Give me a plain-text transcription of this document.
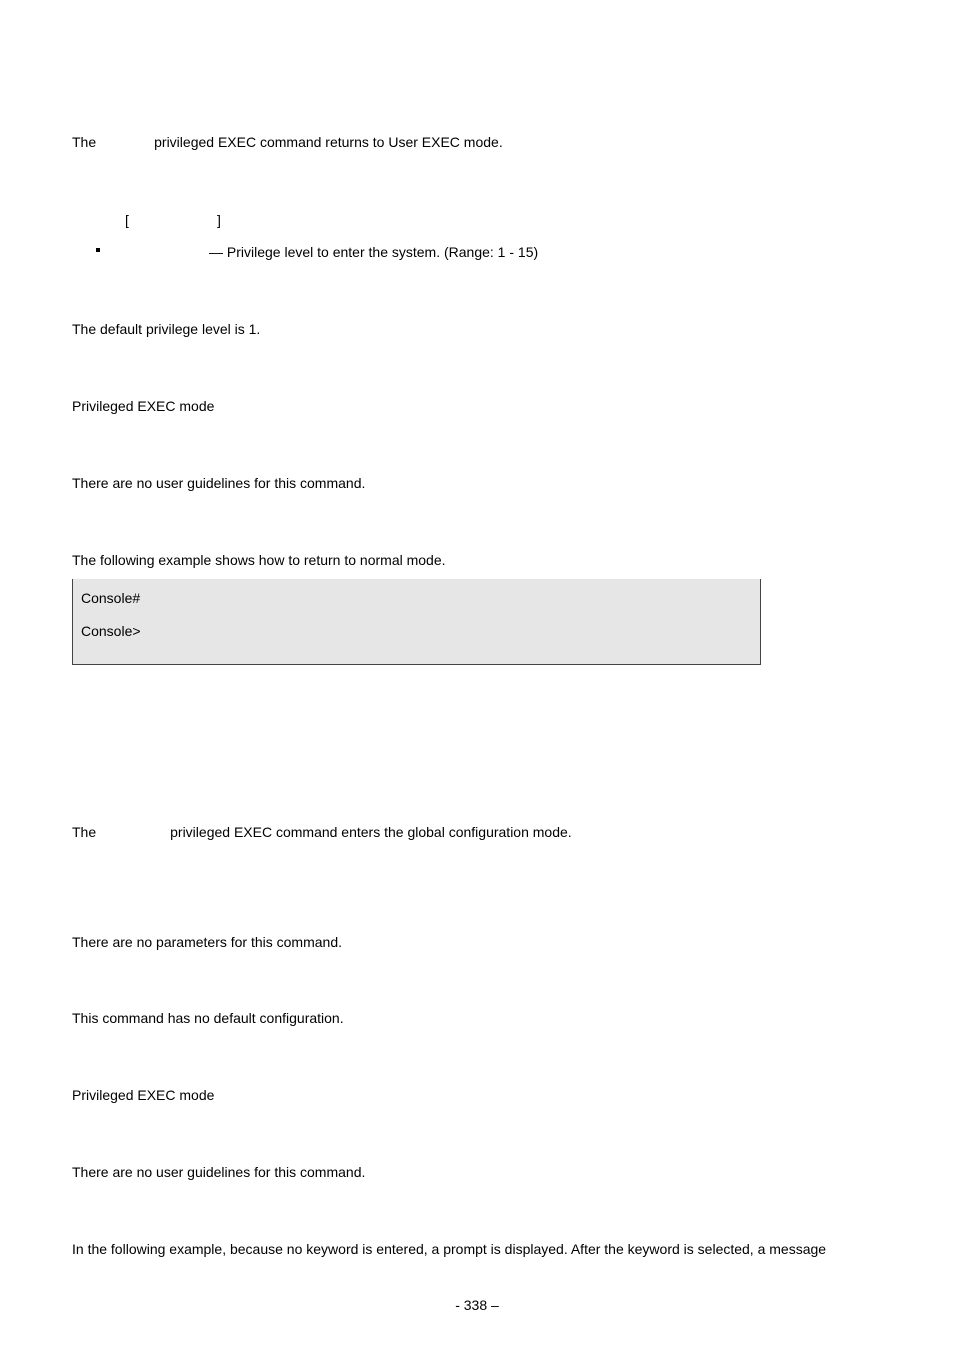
The	privileged EXEC command returns to User EXEC mode.
[	]
— Privilege level to enter the system. (Range: 1 - 15)
The default privilege level is 1.
Privileged EXEC mode
There are no user guidelines for this command.
The following example shows how to return to normal mode.
Console#
Console>
The	privileged EXEC command enters the global configuration mode.
There are no parameters for this command.
This command has no default configuration.
Privileged EXEC mode
There are no user guidelines for this command.
In the following example, because no keyword is entered, a prompt is displayed. After the keyword is selected, a message
- 338 –
